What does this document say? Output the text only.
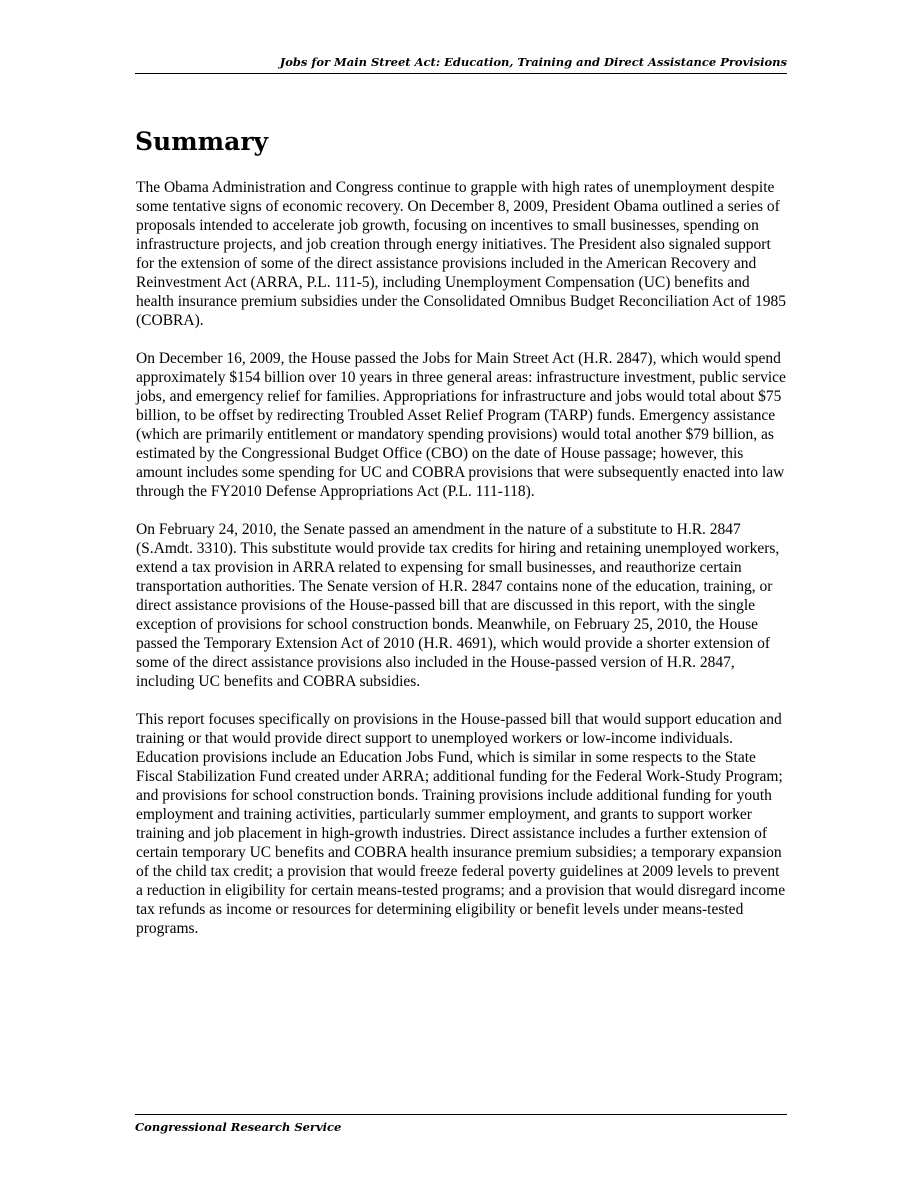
Jobs for Main Street Act: Education, Training and Direct Assistance Provisions
Summary

The Obama Administration and Congress continue to grapple with high rates of unemployment despite some tentative signs of economic recovery. On December 8, 2009, President Obama outlined a series of proposals intended to accelerate job growth, focusing on incentives to small businesses, spending on infrastructure projects, and job creation through energy initiatives. The President also signaled support for the extension of some of the direct assistance provisions included in the American Recovery and Reinvestment Act (ARRA, P.L. 111-5), including Unemployment Compensation (UC) benefits and health insurance premium subsidies under the Consolidated Omnibus Budget Reconciliation Act of 1985 (COBRA).

On December 16, 2009, the House passed the Jobs for Main Street Act (H.R. 2847), which would spend approximately $154 billion over 10 years in three general areas: infrastructure investment, public service jobs, and emergency relief for families. Appropriations for infrastructure and jobs would total about $75 billion, to be offset by redirecting Troubled Asset Relief Program (TARP) funds. Emergency assistance (which are primarily entitlement or mandatory spending provisions) would total another $79 billion, as estimated by the Congressional Budget Office (CBO) on the date of House passage; however, this amount includes some spending for UC and COBRA provisions that were subsequently enacted into law through the FY2010 Defense Appropriations Act (P.L. 111-118).

On February 24, 2010, the Senate passed an amendment in the nature of a substitute to H.R. 2847 (S.Amdt. 3310). This substitute would provide tax credits for hiring and retaining unemployed workers, extend a tax provision in ARRA related to expensing for small businesses, and reauthorize certain transportation authorities. The Senate version of H.R. 2847 contains none of the education, training, or direct assistance provisions of the House-passed bill that are discussed in this report, with the single exception of provisions for school construction bonds. Meanwhile, on February 25, 2010, the House passed the Temporary Extension Act of 2010 (H.R. 4691), which would provide a shorter extension of some of the direct assistance provisions also included in the House-passed version of H.R. 2847, including UC benefits and COBRA subsidies.

This report focuses specifically on provisions in the House-passed bill that would support education and training or that would provide direct support to unemployed workers or low-income individuals. Education provisions include an Education Jobs Fund, which is similar in some respects to the State Fiscal Stabilization Fund created under ARRA; additional funding for the Federal Work-Study Program; and provisions for school construction bonds. Training provisions include additional funding for youth employment and training activities, particularly summer employment, and grants to support worker training and job placement in high-growth industries. Direct assistance includes a further extension of certain temporary UC benefits and COBRA health insurance premium subsidies; a temporary expansion of the child tax credit; a provision that would freeze federal poverty guidelines at 2009 levels to prevent a reduction in eligibility for certain means-tested programs; and a provision that would disregard income tax refunds as income or resources for determining eligibility or benefit levels under means-tested programs.

Congressional Research Service
